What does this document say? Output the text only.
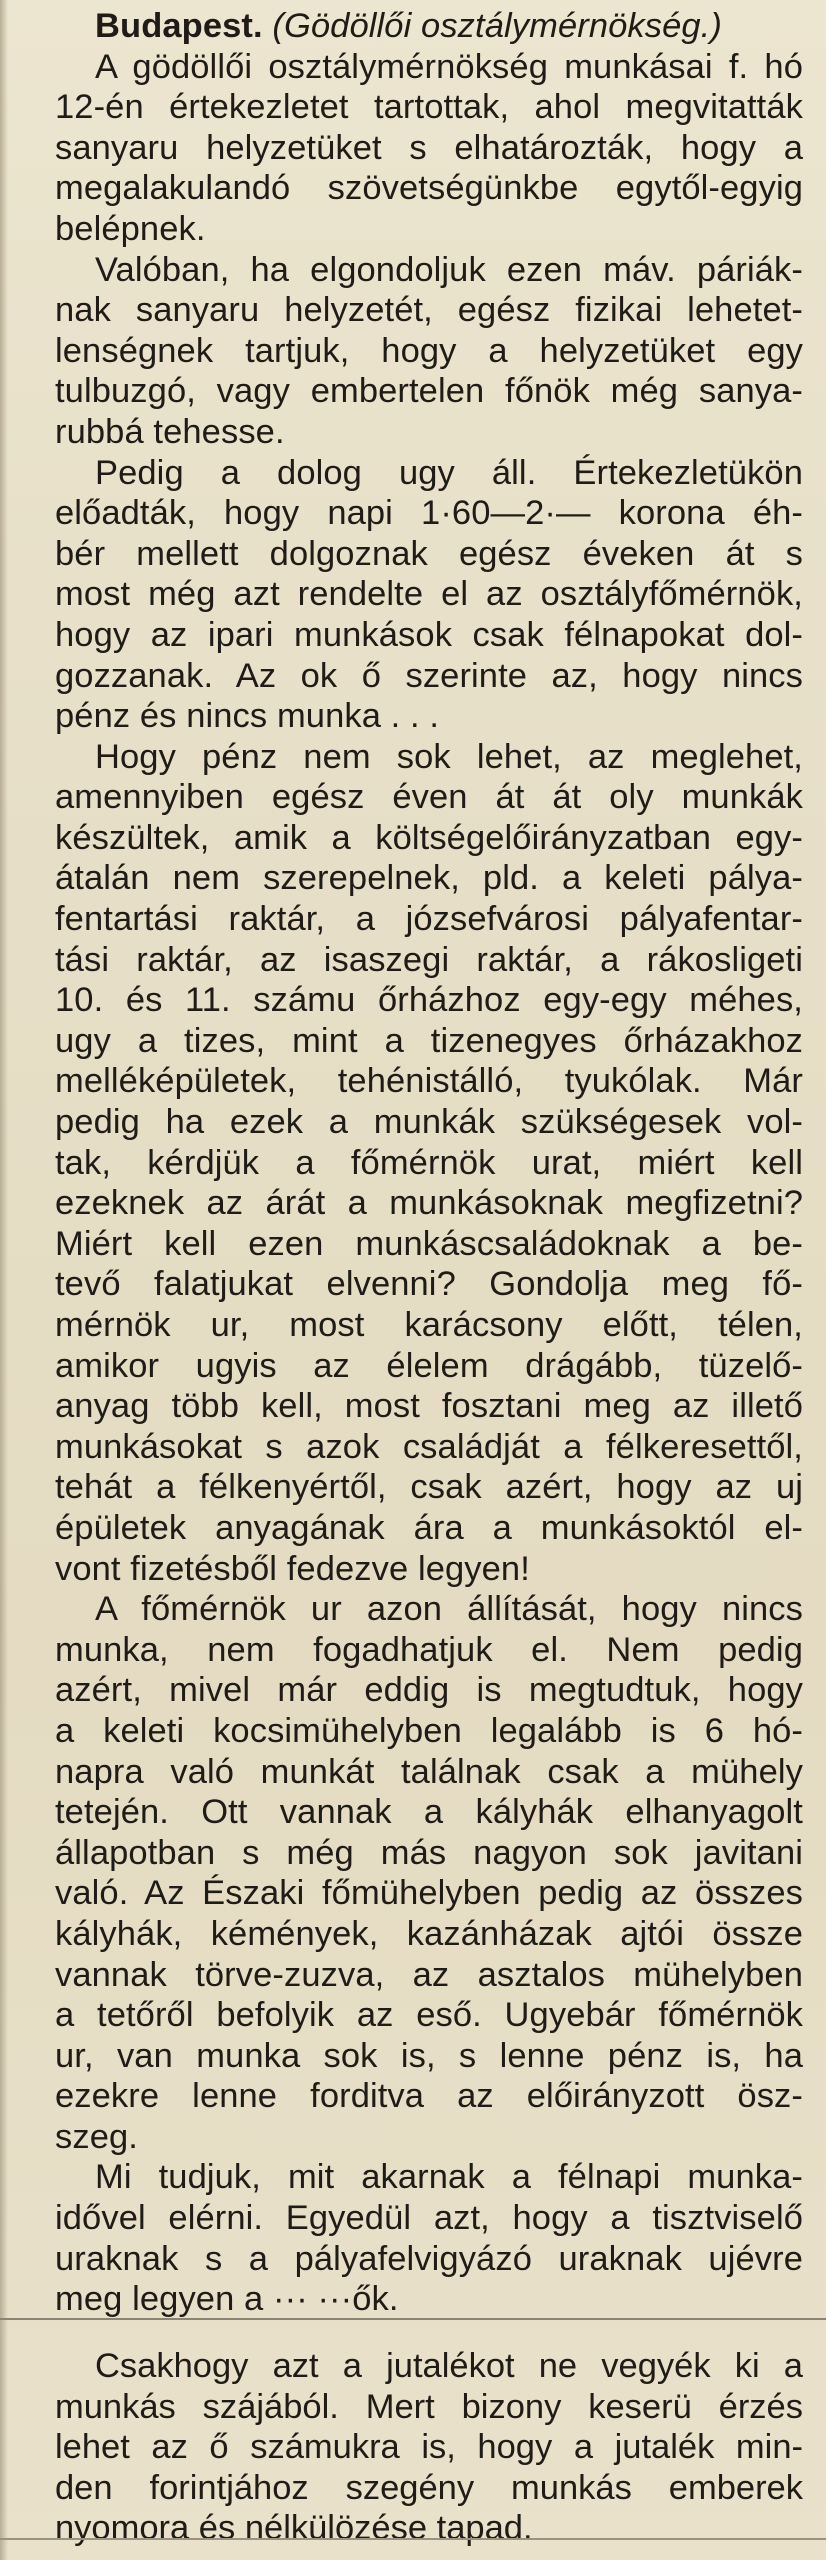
Budapest. (Gödöllői osztálymérnökség.)
A gödöllői osztálymérnökség munkásai f. hó
12-én értekezletet tartottak, ahol megvitatták
sanyaru helyzetüket s elhatározták, hogy a
megalakulandó szövetségünkbe egytől-egyig
belépnek.
Valóban, ha elgondoljuk ezen máv. páriák-
nak sanyaru helyzetét, egész fizikai lehetet-
lenségnek tartjuk, hogy a helyzetüket egy
tulbuzgó, vagy embertelen főnök még sanya-
rubbá tehesse.
Pedig a dolog ugy áll. Értekezletükön
előadták, hogy napi 1·60—2·— korona éh-
bér mellett dolgoznak egész éveken át s
most még azt rendelte el az osztályfőmérnök,
hogy az ipari munkások csak félnapokat dol-
gozzanak. Az ok ő szerinte az, hogy nincs
pénz és nincs munka . . .
Hogy pénz nem sok lehet, az meglehet,
amennyiben egész éven át át oly munkák
készültek, amik a költségelőirányzatban egy-
átalán nem szerepelnek, pld. a keleti pálya-
fentartási raktár, a józsefvárosi pályafentar-
tási raktár, az isaszegi raktár, a rákosligeti
10. és 11. számu őrházhoz egy-egy méhes,
ugy a tizes, mint a tizenegyes őrházakhoz
melléképületek, tehénistálló, tyukólak. Már
pedig ha ezek a munkák szükségesek vol-
tak, kérdjük a főmérnök urat, miért kell
ezeknek az árát a munkásoknak megfizetni?
Miért kell ezen munkáscsaládoknak a be-
tevő falatjukat elvenni? Gondolja meg fő-
mérnök ur, most karácsony előtt, télen,
amikor ugyis az élelem drágább, tüzelő-
anyag több kell, most fosztani meg az illető
munkásokat s azok családját a félkeresettől,
tehát a félkenyértől, csak azért, hogy az uj
épületek anyagának ára a munkásoktól el-
vont fizetésből fedezve legyen!
A főmérnök ur azon állítását, hogy nincs
munka, nem fogadhatjuk el. Nem pedig
azért, mivel már eddig is megtudtuk, hogy
a keleti kocsimühelyben legalább is 6 hó-
napra való munkát találnak csak a mühely
tetején. Ott vannak a kályhák elhanyagolt
állapotban s még más nagyon sok javitani
való. Az Északi főmühelyben pedig az összes
kályhák, kémények, kazánházak ajtói össze
vannak törve-zuzva, az asztalos mühelyben
a tetőről befolyik az eső. Ugyebár főmérnök
ur, van munka sok is, s lenne pénz is, ha
ezekre lenne forditva az előirányzott ösz-
szeg.
Mi tudjuk, mit akarnak a félnapi munka-
idővel elérni. Egyedül azt, hogy a tisztviselő
uraknak s a pályafelvigyázó uraknak ujévre
meg legyen a ··· ···ők.
Csakhogy azt a jutalékot ne vegyék ki a
munkás szájából. Mert bizony keserü érzés
lehet az ő számukra is, hogy a jutalék min-
den forintjához szegény munkás emberek
nyomora és nélkülözése tapad.
